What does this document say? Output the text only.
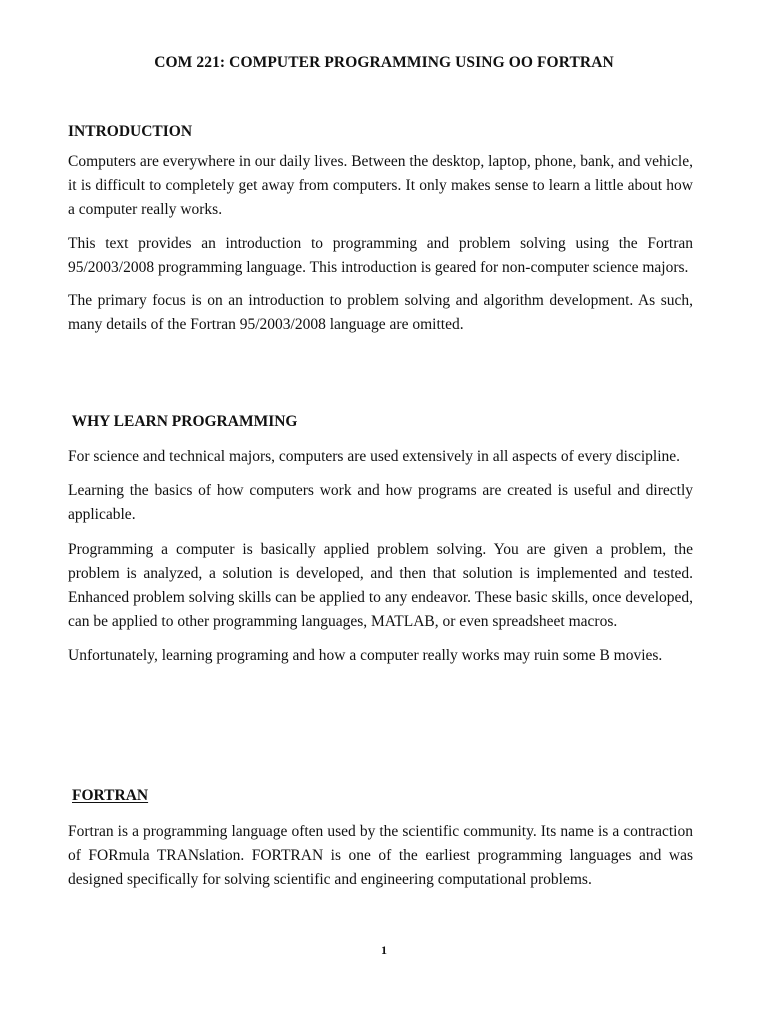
COM 221: COMPUTER PROGRAMMING USING OO FORTRAN
INTRODUCTION

Computers are everywhere in our daily lives. Between the desktop, laptop, phone, bank, and vehicle, it is difficult to completely get away from computers. It only makes sense to learn a little about how a computer really works.

This text provides an introduction to programming and problem solving using the Fortran 95/2003/2008 programming language. This introduction is geared for non-computer science majors.

The primary focus is on an introduction to problem solving and algorithm development. As such, many details of the Fortran 95/2003/2008 language are omitted.

WHY LEARN PROGRAMMING

For science and technical majors, computers are used extensively in all aspects of every discipline.

Learning the basics of how computers work and how programs are created is useful and directly applicable.

Programming a computer is basically applied problem solving. You are given a problem, the problem is analyzed, a solution is developed, and then that solution is implemented and tested. Enhanced problem solving skills can be applied to any endeavor. These basic skills, once developed, can be applied to other programming languages, MATLAB, or even spreadsheet macros.

Unfortunately, learning programing and how a computer really works may ruin some B movies.

FORTRAN

Fortran is a programming language often used by the scientific community. Its name is a contraction of FORmula TRANslation. FORTRAN is one of the earliest programming languages and was designed specifically for solving scientific and engineering computational problems.

1
